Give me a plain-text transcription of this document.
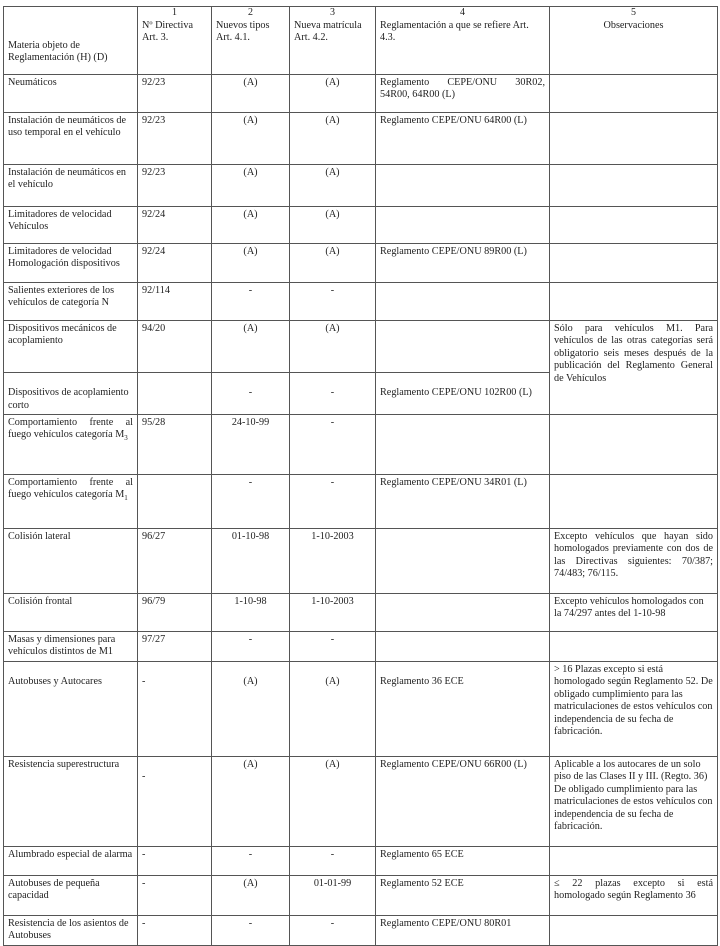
	1	2	3	4	5
Materia objeto de Reglamentación (H) (D)	Nº Directiva Art. 3.	Nuevos tipos Art. 4.1.	Nueva matrícula Art. 4.2.	Reglamentación a que se refiere Art. 4.3.	Observaciones
Neumáticos	92/23	(A)	(A)	Reglamento CEPE/ONU 30R02, 54R00, 64R00 (L)	
Instalación de neumáticos de uso temporal en el vehículo	92/23	(A)	(A)	Reglamento CEPE/ONU 64R00 (L)	
Instalación de neumáticos en el vehículo	92/23	(A)	(A)		
Limitadores de velocidad Vehículos	92/24	(A)	(A)		
Limitadores de velocidad Homologación dispositivos	92/24	(A)	(A)	Reglamento CEPE/ONU 89R00 (L)	
Salientes exteriores de los vehículos de categoría N	92/114	-	-		
Dispositivos mecánicos de acoplamiento	94/20	(A)	(A)		Sólo para vehículos M1. Para vehículos de las otras categorías será obligatorio seis meses después de la publicación del Reglamento General de Vehículos
Dispositivos de acoplamiento corto		-	-	Reglamento CEPE/ONU 102R00 (L)	
Comportamiento frente al fuego vehículos categoría $M_3$	95/28	24-10-99	-		
Comportamiento frente al fuego vehículos categoría $M_1$		-	-	Reglamento CEPE/ONU 34R01 (L)	
Colisión lateral	96/27	01-10-98	1-10-2003		Excepto vehículos que hayan sido homologados previamente con dos de las Directivas siguientes: 70/387; 74/483; 76/115.
Colisión frontal	96/79	1-10-98	1-10-2003		Excepto vehículos homologados con la 74/297 antes del 1-10-98
Masas y dimensiones para vehículos distintos de M1	97/27	-	-		
Autobuses y Autocares	-	(A)	(A)	Reglamento 36 ECE	> 16 Plazas excepto si está homologado según Reglamento 52. De obligado cumplimiento para las matriculaciones de estos vehículos con independencia de su fecha de fabricación.
Resistencia superestructura	-	(A)	(A)	Reglamento CEPE/ONU 66R00 (L)	Aplicable a los autocares de un solo piso de las Clases II y III. (Regto. 36) De obligado cumplimiento para las matriculaciones de estos vehículos con independencia de su fecha de fabricación.
Alumbrado especial de alarma	-	-	-	Reglamento 65 ECE	
Autobuses de pequeña capacidad	-	(A)	01-01-99	Reglamento 52 ECE	≤ 22 plazas excepto si está homologado según Reglamento 36
Resistencia de los asientos de Autobuses	-	-	-	Reglamento CEPE/ONU 80R01	
